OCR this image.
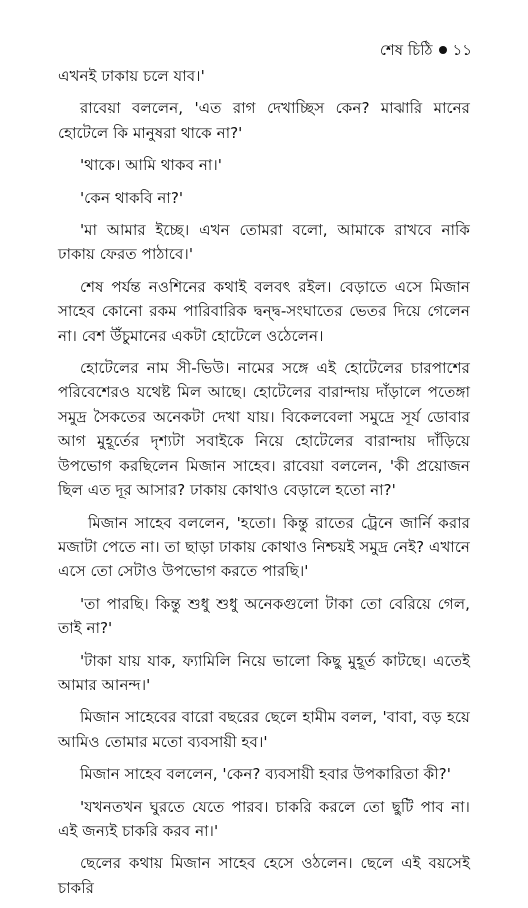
শেষ চিঠি ১১

এখনই ঢাকায় চলে যাব।'

রাবেয়া বললেন, 'এত রাগ দেখাচ্ছিস কেন? মাঝারি মানের হোটেলে কি মানুষরা থাকে না?'

'থাকে। আমি থাকব না।'

'কেন থাকবি না?'

'মা আমার ইচ্ছে। এখন তোমরা বলো, আমাকে রাখবে নাকি ঢাকায় ফেরত পাঠাবে।'

শেষ পর্যন্ত নওশিনের কথাই বলবৎ রইল। বেড়াতে এসে মিজান সাহেব কোনো রকম পারিবারিক দ্বন্দ্ব-সংঘাতের ভেতর দিয়ে গেলেন না। বেশ উঁচুমানের একটা হোটেলে ওঠেলেন।

হোটেলের নাম সী-ভিউ। নামের সঙ্গে এই হোটেলের চারপাশের পরিবেশেরও যথেষ্ট মিল আছে। হোটেলের বারান্দায় দাঁড়ালে পতেঙ্গা সমুদ্র সৈকতের অনেকটা দেখা যায়। বিকেলবেলা সমুদ্রে সূর্য ডোবার আগ মুহূর্তের দৃশ্যটা সবাইকে নিয়ে হোটেলের বারান্দায় দাঁড়িয়ে উপভোগ করছিলেন মিজান সাহেব। রাবেয়া বললেন, 'কী প্রয়োজন ছিল এত দূর আসার? ঢাকায় কোথাও বেড়ালে হতো না?'

মিজান সাহেব বললেন, 'হতো। কিন্তু রাতের ট্রেনে জার্নি করার মজাটা পেতে না। তা ছাড়া ঢাকায় কোথাও নিশ্চয়ই সমুদ্র নেই? এখানে এসে তো সেটাও উপভোগ করতে পারছি।'

'তা পারছি। কিন্তু শুধু শুধু অনেকগুলো টাকা তো বেরিয়ে গেল, তাই না?'

'টাকা যায় যাক, ফ্যামিলি নিয়ে ভালো কিছু মুহূর্ত কাটছে। এতেই আমার আনন্দ।'

মিজান সাহেবের বারো বছরের ছেলে হামীম বলল, 'বাবা, বড় হয়ে আমিও তোমার মতো ব্যবসায়ী হব।'

মিজান সাহেব বললেন, 'কেন? ব্যবসায়ী হবার উপকারিতা কী?'

'যখনতখন ঘুরতে যেতে পারব। চাকরি করলে তো ছুটি পাব না। এই জন্যই চাকরি করব না।'

ছেলের কথায় মিজান সাহেব হেসে ওঠলেন। ছেলে এই বয়সেই চাকরি
